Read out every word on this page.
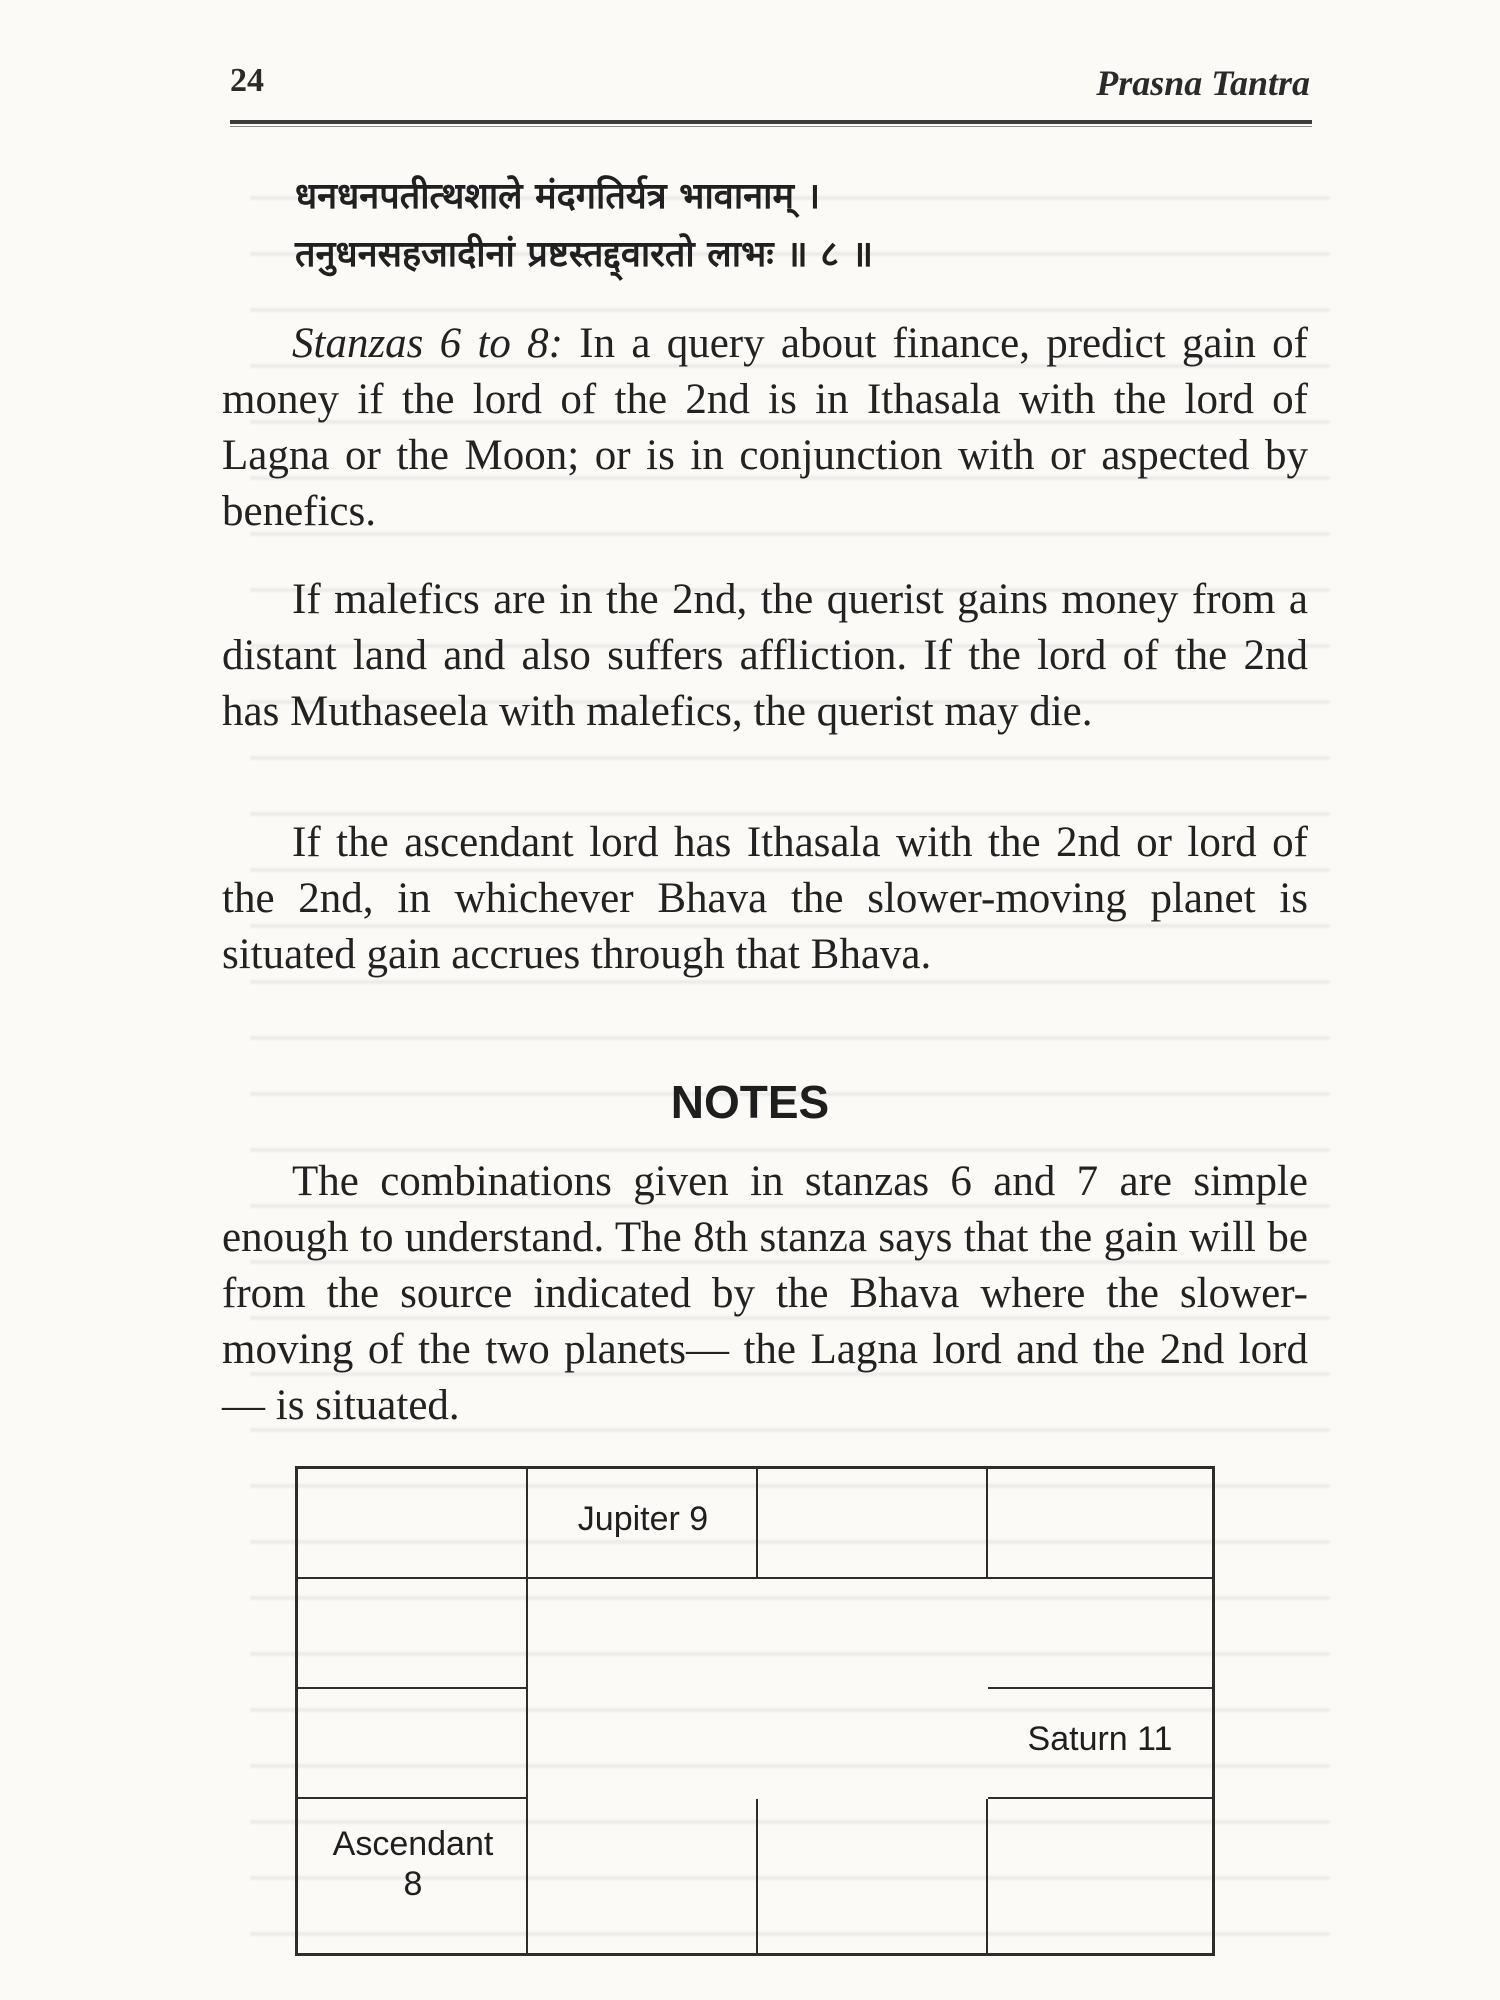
24	Prasna Tantra
धनधनपतीत्थशाले मंदगतिर्यत्र भावानाम् ।
तनुधनसहजादीनां प्रष्टस्तद्द्वारतो लाभः ॥ ८ ॥

Stanzas 6 to 8: In a query about finance, predict gain of money if the lord of the 2nd is in Ithasala with the lord of Lagna or the Moon; or is in conjunction with or aspected by benefics.

If malefics are in the 2nd, the querist gains money from a distant land and also suffers affliction. If the lord of the 2nd has Muthaseela with malefics, the querist may die.

If the ascendant lord has Ithasala with the 2nd or lord of the 2nd, in whichever Bhava the slower-moving planet is situated gain accrues through that Bhava.

NOTES

The combinations given in stanzas 6 and 7 are simple enough to understand. The 8th stanza says that the gain will be from the source indicated by the Bhava where the slower-moving of the two planets— the Lagna lord and the 2nd lord — is situated.

Jupiter 9
Saturn 11
Ascendant
8
